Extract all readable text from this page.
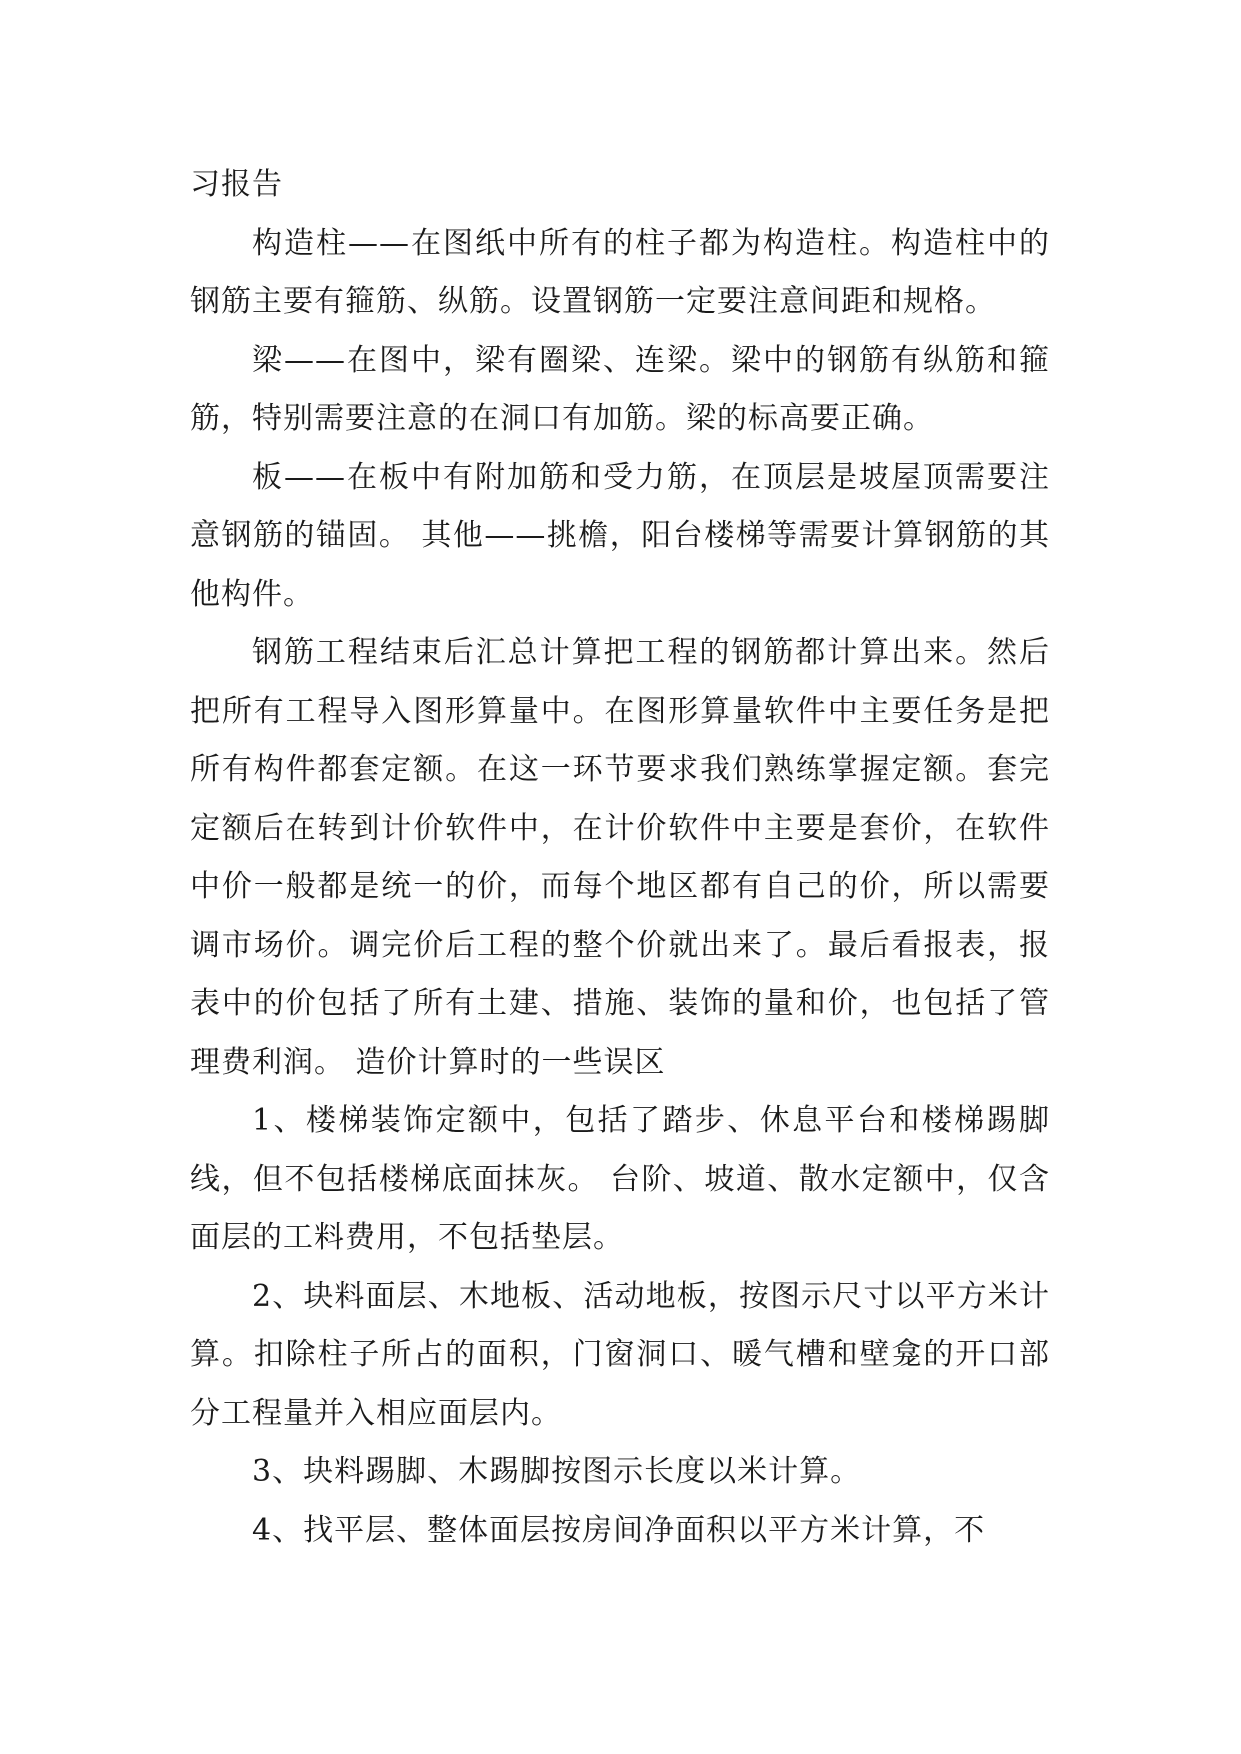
习报告

构造柱——在图纸中所有的柱子都为构造柱。构造柱中的钢筋主要有箍筋、纵筋。设置钢筋一定要注意间距和规格。

梁——在图中，梁有圈梁、连梁。梁中的钢筋有纵筋和箍筋，特别需要注意的在洞口有加筋。梁的标高要正确。

板——在板中有附加筋和受力筋，在顶层是坡屋顶需要注意钢筋的锚固。 其他——挑檐，阳台楼梯等需要计算钢筋的其他构件。

钢筋工程结束后汇总计算把工程的钢筋都计算出来。然后把所有工程导入图形算量中。在图形算量软件中主要任务是把所有构件都套定额。在这一环节要求我们熟练掌握定额。套完定额后在转到计价软件中，在计价软件中主要是套价，在软件中价一般都是统一的价，而每个地区都有自己的价，所以需要调市场价。调完价后工程的整个价就出来了。最后看报表，报表中的价包括了所有土建、措施、装饰的量和价，也包括了管理费利润。 造价计算时的一些误区

1、楼梯装饰定额中，包括了踏步、休息平台和楼梯踢脚线，但不包括楼梯底面抹灰。 台阶、坡道、散水定额中，仅含面层的工料费用，不包括垫层。

2、块料面层、木地板、活动地板，按图示尺寸以平方米计算。扣除柱子所占的面积，门窗洞口、暖气槽和壁龛的开口部分工程量并入相应面层内。

3、块料踢脚、木踢脚按图示长度以米计算。

4、找平层、整体面层按房间净面积以平方米计算，不
